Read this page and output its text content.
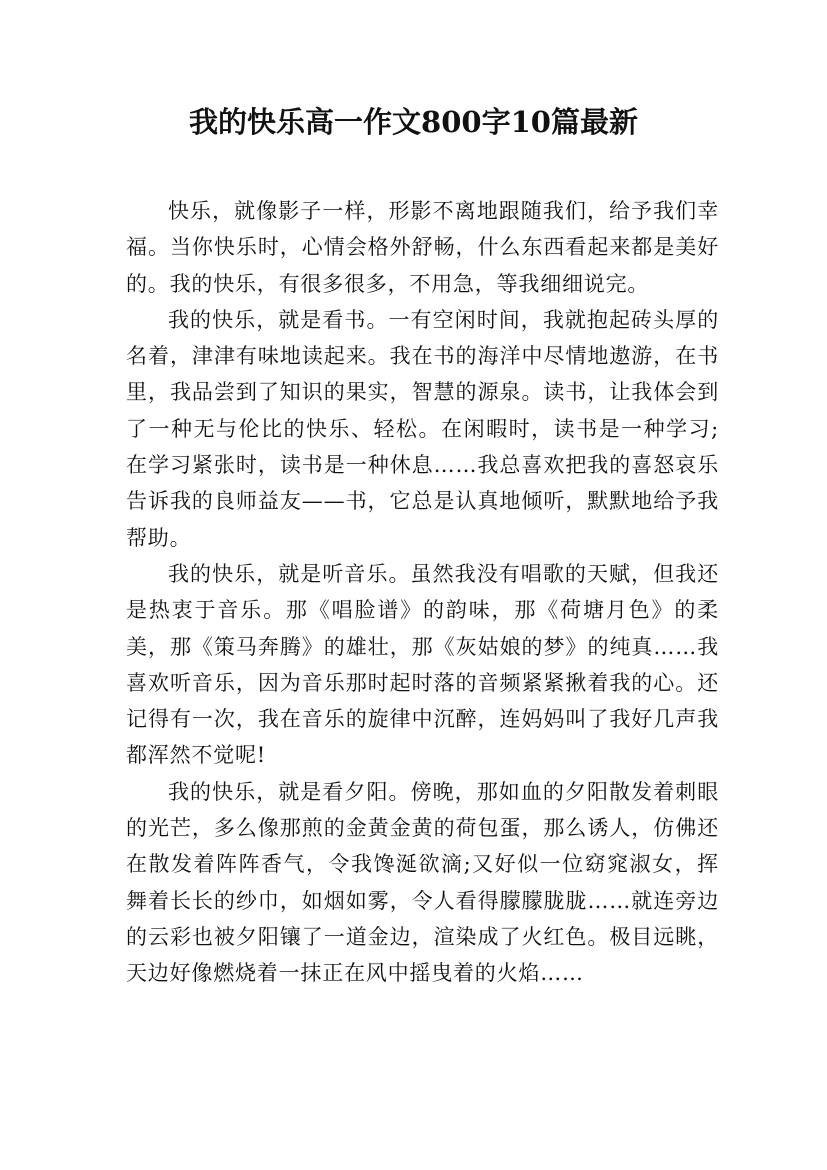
我的快乐高一作文800字10篇最新

快乐，就像影子一样，形影不离地跟随我们，给予我们幸福。当你快乐时，心情会格外舒畅，什么东西看起来都是美好的。我的快乐，有很多很多，不用急，等我细细说完。

我的快乐，就是看书。一有空闲时间，我就抱起砖头厚的名着，津津有味地读起来。我在书的海洋中尽情地遨游，在书里，我品尝到了知识的果实，智慧的源泉。读书，让我体会到了一种无与伦比的快乐、轻松。在闲暇时，读书是一种学习;在学习紧张时，读书是一种休息……我总喜欢把我的喜怒哀乐告诉我的良师益友——书，它总是认真地倾听，默默地给予我帮助。

我的快乐，就是听音乐。虽然我没有唱歌的天赋，但我还是热衷于音乐。那《唱脸谱》的韵味，那《荷塘月色》的柔美，那《策马奔腾》的雄壮，那《灰姑娘的梦》的纯真……我喜欢听音乐，因为音乐那时起时落的音频紧紧揪着我的心。还记得有一次，我在音乐的旋律中沉醉，连妈妈叫了我好几声我都浑然不觉呢!

我的快乐，就是看夕阳。傍晚，那如血的夕阳散发着刺眼的光芒，多么像那煎的金黄金黄的荷包蛋，那么诱人，仿佛还在散发着阵阵香气，令我馋涎欲滴;又好似一位窈窕淑女，挥舞着长长的纱巾，如烟如雾，令人看得朦朦胧胧……就连旁边的云彩也被夕阳镶了一道金边，渲染成了火红色。极目远眺，天边好像燃烧着一抹正在风中摇曳着的火焰……
